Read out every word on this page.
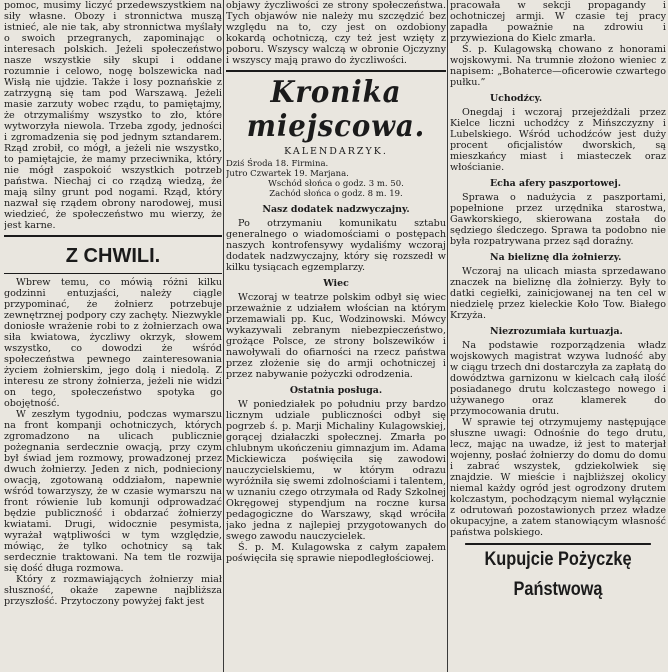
pomoc, musimy liczyć przedewszystkiem na siły własne. Obozy i stronnictwa muszą istnieć, ale nie tak, aby stronnictwa myślały o swoich przegranych, zapominając o interesach polskich. Jeżeli społeczeństwo nasze wszystkie siły skupi i oddane rozumnie i celowo, nogę bolszewicka nad Wisłą nie ujdzie. Także i losy poznańskie z zatrzygną się tam pod Warszawą. Jeżeli masie zarzuty wobec rządu, to pamiętajmy, że otrzymaliśmy wszystko to zło, które wytworzyła niewola. Trzeba zgody, jedności i zgromadzenia się pod jednym sztandarem. Rząd zrobił, co mógł, a jeżeli nie wszystko, to pamiętajcie, że mamy przeciwnika, który nie mógł zaspokoić wszystkich potrzeb państwa. Niechaj ci co rządzą wiedzą, że mają silny grunt pod nogami. Rząd, który nazwał się rządem obrony narodowej, musi wiedzieć, że społeczeństwo mu wierzy, że jest karne.

Z CHWILI.

Wbrew temu, co mówią różni kilku godzinni entuzjaści, należy ciągle przypominać, że żołnierz potrzebuje zewnętrznej podpory czy zachęty. Niezwykle doniosłe wrażenie robi to z żołnierzach owa siła kwiatowa, życzliwy okrzyk, słowem wszystko, co dowodzi że wśród społeczeństwa pewnego zainteresowania życiem żołnierskim, jego dolą i niedolą. Z interesu ze strony żołnierza, jeżeli nie widzi on tego, społeczeństwo spotyka go obojętność.

W zeszłym tygodniu, podczas wymarszu na front kompanji ochotniczych, których zgromadzono na ulicach publicznie pożegnania serdecznie owacją, przy czym był świad jem rozmowy, prowadzonej przez dwuch żołnierzy. Jeden z nich, podnieciony owacją, zgotowaną oddziałom, napewnie wśród towarzyszy, że w czasie wymarszu na front rówienie lub komunji odprowadzać będzie publiczność i obdarzać żołnierzy kwiatami. Drugi, widocznie pesymista, wyrażał wątpliwości w tym względzie, mówiąc, że tylko ochotnicy są tak serdecznie traktowani. Na tem tle rozwija się dość długa rozmowa.

Który z rozmawiających żołnierzy miał słuszność, okaże zapewne najbliższa przyszłość. Przytoczony powyżej fakt jest

objawy życzliwości ze strony społeczeństwa. Tych objawów nie należy mu szczędzić bez względu na to, czy jest on ozdobiony kokardą ochotniczą, czy też jest wzięty z poboru. Wszyscy walczą w obronie Ojczyzny i wszyscy mają prawo do życzliwości.

Kronika miejscowa.
KALENDARZYK.
Dziś Środa 18. Firmina.
Jutro Czwartek 19. Marjana.
Wschód słońca o godz. 3 m. 50.
Zachód słońca o godz. 8 m. 19.
Nasz dodatek nadzwyczajny.

Po otrzymaniu komunikatu sztabu generalnego o wiadomościami o postępach naszych kontrofensywy wydaliśmy wczoraj dodatek nadzwyczajny, który się rozszedł w kilku tysiącach egzemplarzy.

Wiec

Wczoraj w teatrze polskim odbył się wiec przeważnie z udziałem włościan na którym przemawiali pp. Kuc, Wodzinowski. Mówcy wykazywali zebranym niebezpieczeństwo, grożące Polsce, ze strony bolszewików i nawoływali do ofiarności na rzecz państwa przez złożenie się do armji ochotniczej i przez nabywanie pożyczki odrodzenia.

Ostatnia posługa.

W poniedziałek po południu przy bardzo licznym udziale publiczności odbył się pogrzeb ś. p. Marji Michaliny Kulagowskiej, gorącej działaczki społecznej. Zmarła po chlubnym ukończeniu gimnazjum im. Adama Mickiewicza poświęciła się zawodowi nauczycielskiemu, w którym odrazu wyróżniła się swemi zdolnościami i talentem, w uznaniu czego otrzymała od Rady Szkolnej Okręgowej stypendjum na roczne kursa pedagogiczne do Warszawy, skąd wróciła jako jedna z najlepiej przygotowanych do swego zawodu nauczycielek.

Ś. p. M. Kulagowska z całym zapałem poświęciła się sprawie niepodległościowej.

pracowała w sekcji propagandy i ochotniczej armji. W czasie tej pracy zapadła poważnie na zdrowiu i przywieziona do Kielc zmarła.

Ś. p. Kulagowską chowano z honorami wojskowymi. Na trumnie złożono wieniec z napisem: „Bohaterce—oficerowie czwartego pułku.”

Uchodźcy.

Onegdaj i wczoraj przejeżdżali przez Kielce liczni uchodźcy z Mińszczyzny i Lubelskiego. Wśród uchodźców jest duży procent oficjalistów dworskich, są mieszkańcy miast i miasteczek oraz włościanie.

Echa afery paszportowej.

Sprawa o nadużycia z paszportami, popełnione przez urzędnika starostwa, Gawkorskiego, skierowana została do sędziego śledczego. Sprawa ta podobno nie była rozpatrywana przez sąd doraźny.

Na bieliznę dla żołnierzy.

Wczoraj na ulicach miasta sprzedawano znaczek na bieliznę dla żołnierzy. Były to datki cegiełki, zainicjowanej na ten cel w niedzielę przez kieleckie Koło Tow. Białego Krzyża.

Niezrozumiała kurtuazja.

Na podstawie rozporządzenia władz wojskowych magistrat wzywa ludność aby w ciągu trzech dni dostarczyła za zapłatą do dowództwa garnizonu w kielcach całą ilość posiadanego drutu kolczastego nowego i używanego oraz klamerek do przymocowania drutu.

W sprawie tej otrzymujemy następujące słuszne uwagi: Odnośnie do tego drutu, lecz, mając na uwadze, iż jest to materjał wojenny, posłać żołnierzy do domu do domu i zabrać wszystek, gdziekolwiek się znajdzie. W mieście i najbliższej okolicy niemal każdy ogród jest ogrodzony drutem kolczastym, pochodzącym niemal wyłącznie z odrutowań pozostawionych przez władze okupacyjne, a zatem stanowiącym własność państwa polskiego.

Kupujcie Pożyczkę Państwową
